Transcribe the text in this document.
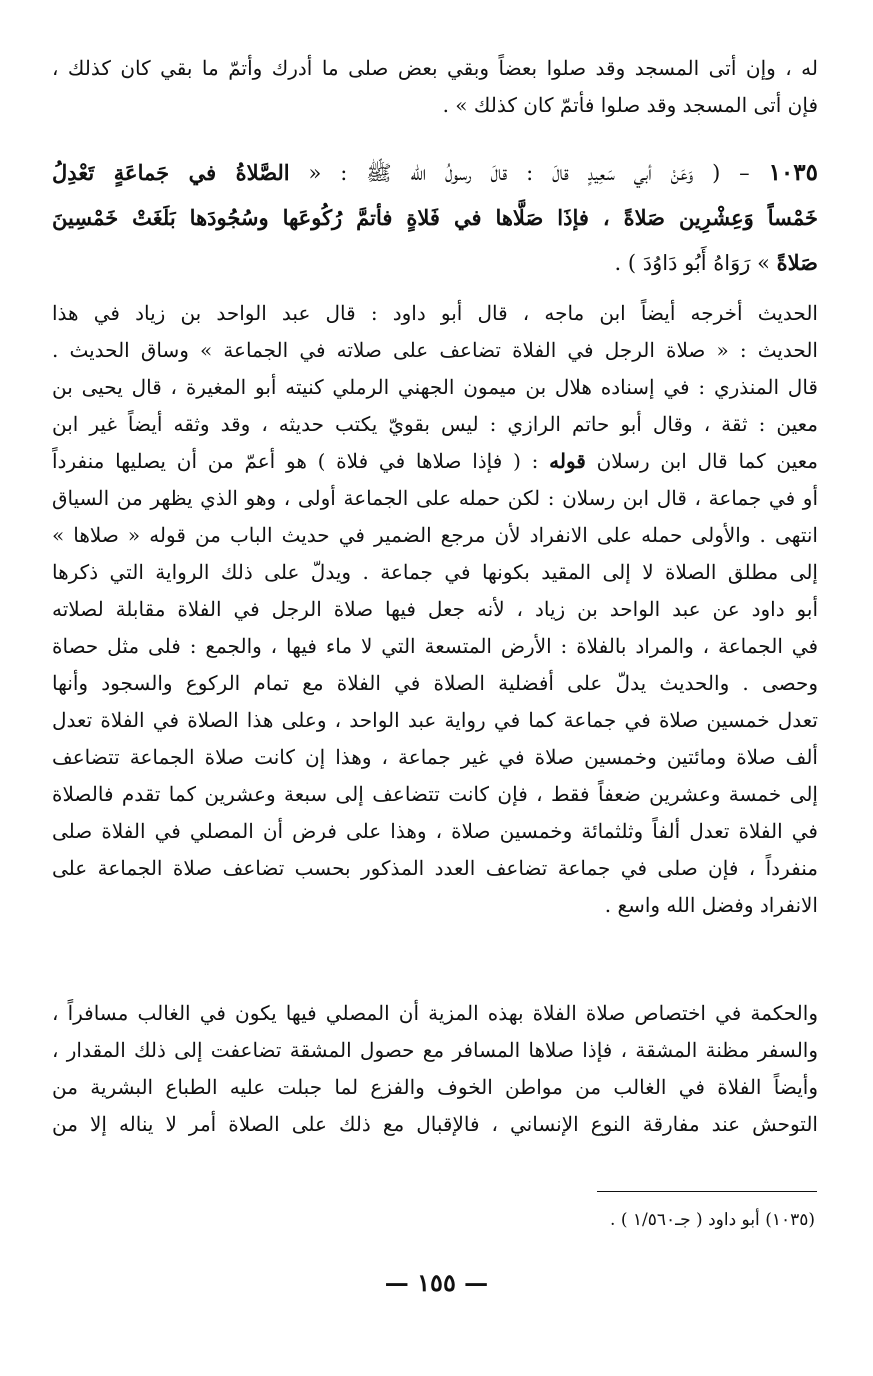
له ، وإن أتى المسجد وقد صلوا بعضاً وبقي بعض صلى ما أدرك وأتمّ ما بقي كان كذلك ،
فإن أتى المسجد وقد صلوا فأتمّ كان كذلك » .
١٠٣٥ – ( وَعَنْ أبي سَعِيدٍ قالَ : قالَ رسولُ الله ﷺ : « الصَّلاةُ في جَماعَةٍ تَعْدِلُ
خَمْساً وَعِشْرِين صَلاةً ، فإذَا صَلَّاها في فَلاةٍ فأتمَّ رُكُوعَها وسُجُودَها بَلَغَتْ خَمْسِينَ
صَلاةً » رَوَاهُ أَبُو دَاوُدَ ) .
الحديث أخرجه أيضاً ابن ماجه ، قال أبو داود : قال عبد الواحد بن زياد في هذا
الحديث : « صلاة الرجل في الفلاة تضاعف على صلاته في الجماعة » وساق الحديث .
قال المنذري : في إسناده هلال بن ميمون الجهني الرملي كنيته أبو المغيرة ، قال يحيى بن
معين : ثقة ، وقال أبو حاتم الرازي : ليس بقويّ يكتب حديثه ، وقد وثقه أيضاً غير ابن
معين كما قال ابن رسلان قوله : ( فإذا صلاها في فلاة ) هو أعمّ من أن يصليها منفرداً
أو في جماعة ، قال ابن رسلان : لكن حمله على الجماعة أولى ، وهو الذي يظهر من السياق
انتهى . والأولى حمله على الانفراد لأن مرجع الضمير في حديث الباب من قوله « صلاها »
إلى مطلق الصلاة لا إلى المقيد بكونها في جماعة . ويدلّ على ذلك الرواية التي ذكرها
أبو داود عن عبد الواحد بن زياد ، لأنه جعل فيها صلاة الرجل في الفلاة مقابلة لصلاته
في الجماعة ، والمراد بالفلاة : الأرض المتسعة التي لا ماء فيها ، والجمع : فلى مثل حصاة
وحصى . والحديث يدلّ على أفضلية الصلاة في الفلاة مع تمام الركوع والسجود وأنها
تعدل خمسين صلاة في جماعة كما في رواية عبد الواحد ، وعلى هذا الصلاة في الفلاة تعدل
ألف صلاة ومائتين وخمسين صلاة في غير جماعة ، وهذا إن كانت صلاة الجماعة تتضاعف
إلى خمسة وعشرين ضعفاً فقط ، فإن كانت تتضاعف إلى سبعة وعشرين كما تقدم فالصلاة
في الفلاة تعدل ألفاً وثلثمائة وخمسين صلاة ، وهذا على فرض أن المصلي في الفلاة صلى
منفرداً ، فإن صلى في جماعة تضاعف العدد المذكور بحسب تضاعف صلاة الجماعة على
الانفراد وفضل الله واسع .
والحكمة في اختصاص صلاة الفلاة بهذه المزية أن المصلي فيها يكون في الغالب مسافراً ،
والسفر مظنة المشقة ، فإذا صلاها المسافر مع حصول المشقة تضاعفت إلى ذلك المقدار ،
وأيضاً الفلاة في الغالب من مواطن الخوف والفزع لما جبلت عليه الطباع البشرية من
التوحش عند مفارقة النوع الإنساني ، فالإقبال مع ذلك على الصلاة أمر لا يناله إلا من
(١٠٣٥) أبو داود ( جـ١/٥٦٠ ) .
— ١٥٥ —
